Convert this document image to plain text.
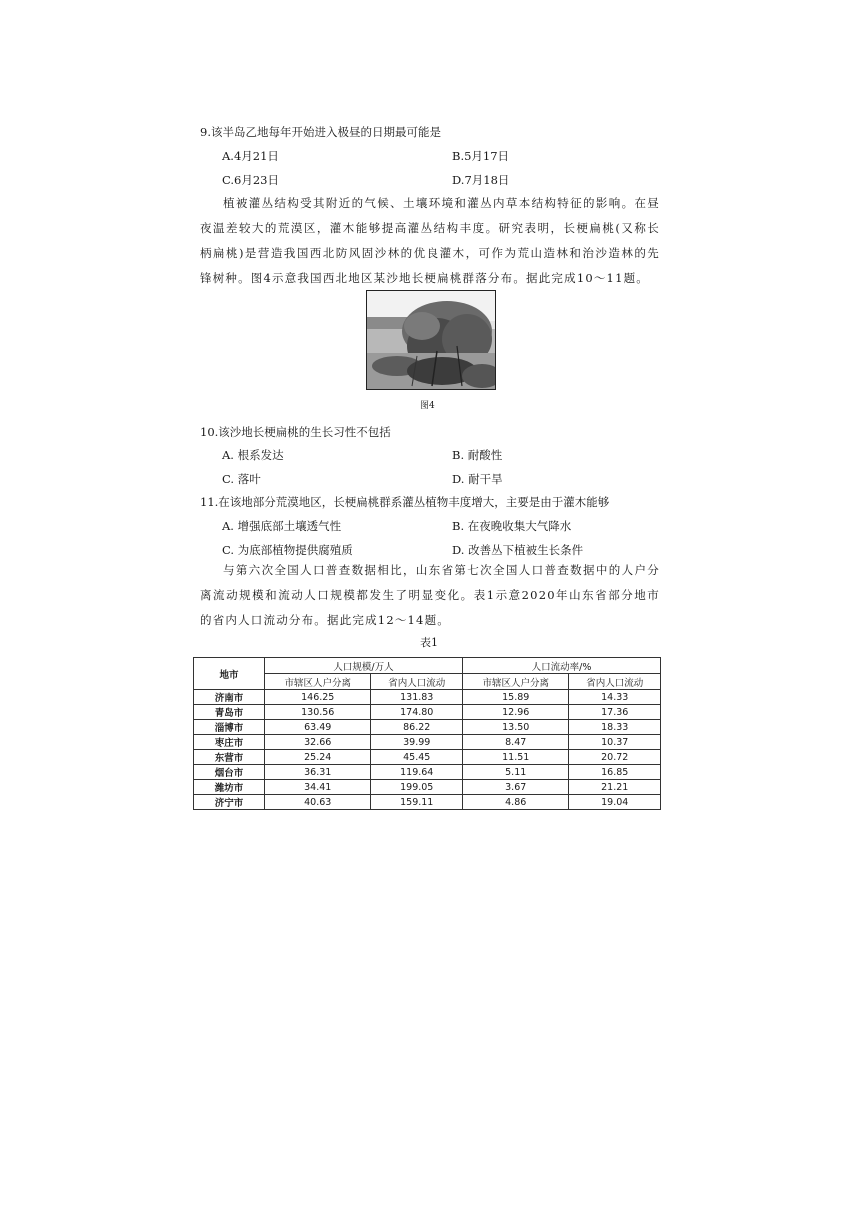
9.该半岛乙地每年开始进入极昼的日期最可能是
A.4月21日	B.5月17日
C.6月23日	D.7月18日
植被灌丛结构受其附近的气候、土壤环境和灌丛内草本结构特征的影响。在昼夜温差较大的荒漠区，灌木能够提高灌丛结构丰度。研究表明，长梗扁桃(又称长柄扁桃)是营造我国西北防风固沙林的优良灌木，可作为荒山造林和治沙造林的先锋树种。图4示意我国西北地区某沙地长梗扁桃群落分布。据此完成10～11题。
图4
10.该沙地长梗扁桃的生长习性不包括
A. 根系发达	B. 耐酸性
C. 落叶	D. 耐干旱
11.在该地部分荒漠地区，长梗扁桃群系灌丛植物丰度增大，主要是由于灌木能够
A. 增强底部土壤透气性	B. 在夜晚收集大气降水
C. 为底部植物提供腐殖质	D. 改善丛下植被生长条件
与第六次全国人口普查数据相比，山东省第七次全国人口普查数据中的人户分离流动规模和流动人口规模都发生了明显变化。表1示意2020年山东省部分地市的省内人口流动分布。据此完成12～14题。
表1
地市	人口规模/万人		人口流动率/%	
	市辖区人户分离	省内人口流动	市辖区人户分离	省内人口流动
济南市	146.25	131.83	15.89	14.33
青岛市	130.56	174.80	12.96	17.36
淄博市	63.49	86.22	13.50	18.33
枣庄市	32.66	39.99	8.47	10.37
东营市	25.24	45.45	11.51	20.72
烟台市	36.31	119.64	5.11	16.85
潍坊市	34.41	199.05	3.67	21.21
济宁市	40.63	159.11	4.86	19.04
